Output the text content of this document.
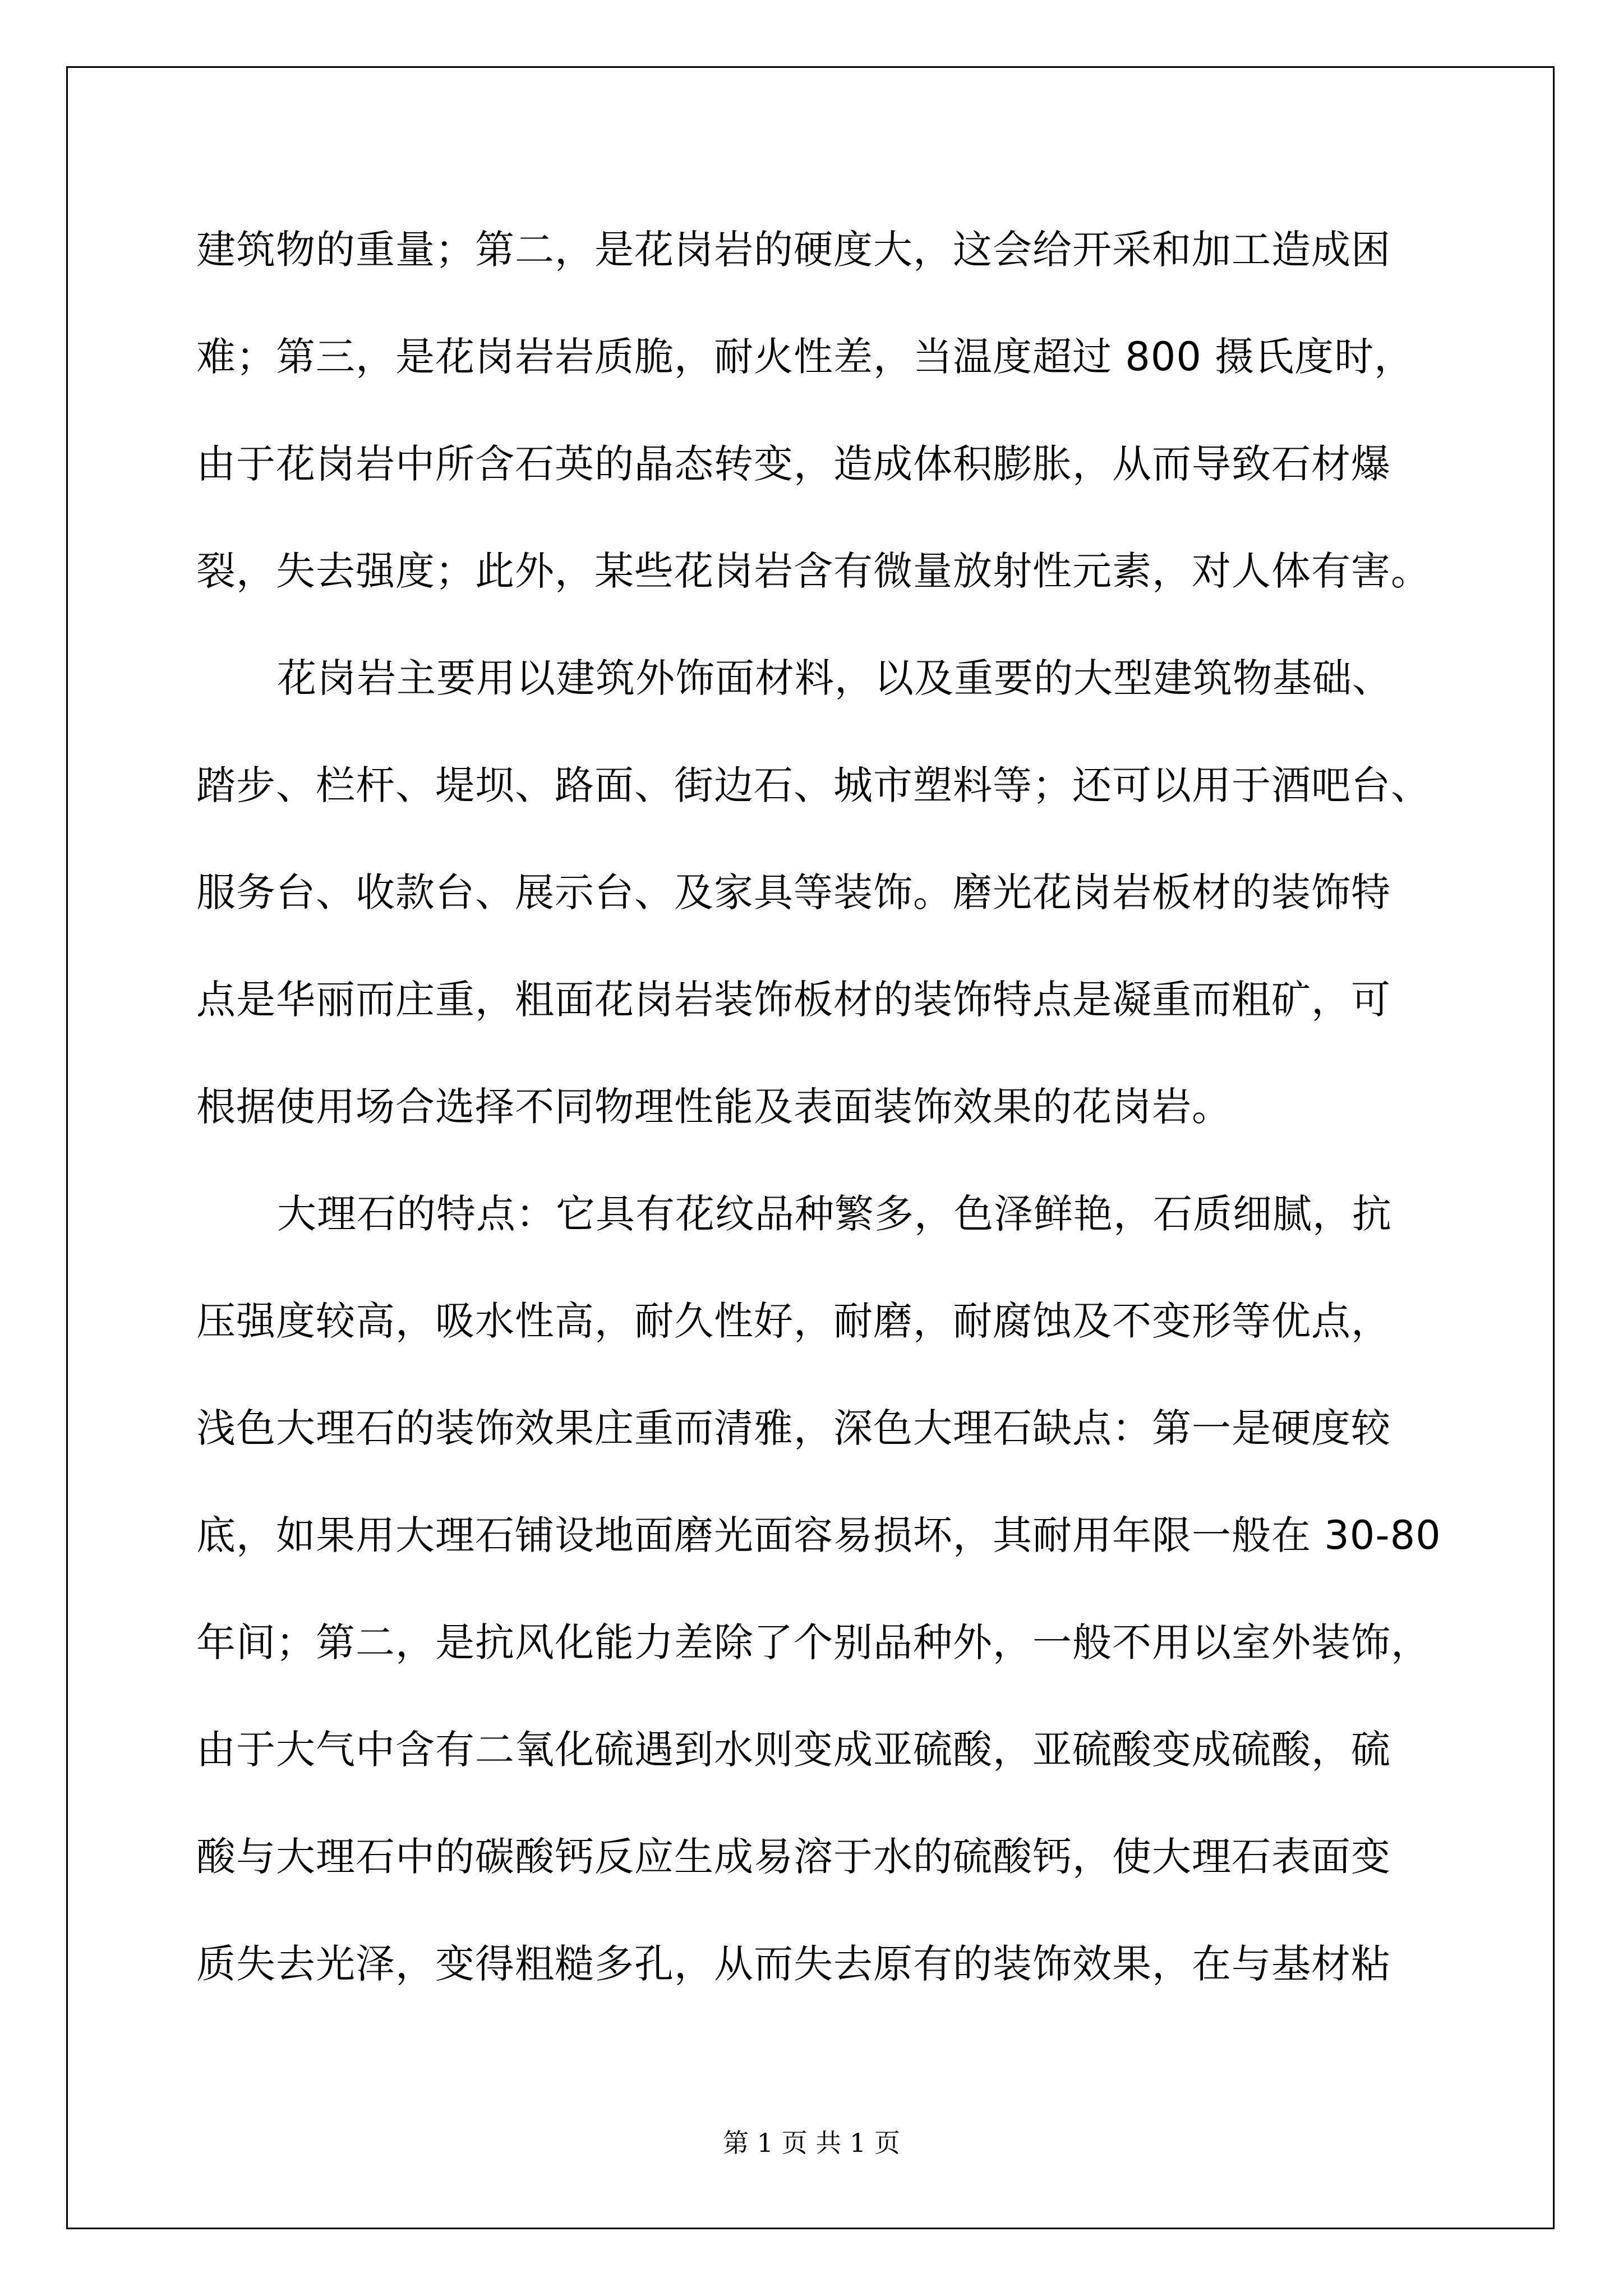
建筑物的重量；第二，是花岗岩的硬度大，这会给开采和加工造成困
难；第三，是花岗岩岩质脆，耐火性差，当温度超过 800 摄氏度时，
由于花岗岩中所含石英的晶态转变，造成体积膨胀，从而导致石材爆
裂，失去强度；此外，某些花岗岩含有微量放射性元素，对人体有害。
花岗岩主要用以建筑外饰面材料，以及重要的大型建筑物基础、
踏步、栏杆、堤坝、路面、街边石、城市塑料等；还可以用于酒吧台、
服务台、收款台、展示台、及家具等装饰。磨光花岗岩板材的装饰特
点是华丽而庄重，粗面花岗岩装饰板材的装饰特点是凝重而粗矿，可
根据使用场合选择不同物理性能及表面装饰效果的花岗岩。
大理石的特点：它具有花纹品种繁多，色泽鲜艳，石质细腻，抗
压强度较高，吸水性高，耐久性好，耐磨，耐腐蚀及不变形等优点，
浅色大理石的装饰效果庄重而清雅，深色大理石缺点：第一是硬度较
底，如果用大理石铺设地面磨光面容易损坏，其耐用年限一般在 30-80
年间；第二，是抗风化能力差除了个别品种外，一般不用以室外装饰，
由于大气中含有二氧化硫遇到水则变成亚硫酸，亚硫酸变成硫酸，硫
酸与大理石中的碳酸钙反应生成易溶于水的硫酸钙，使大理石表面变
质失去光泽，变得粗糙多孔，从而失去原有的装饰效果，在与基材粘
第 1 页 共 1 页
